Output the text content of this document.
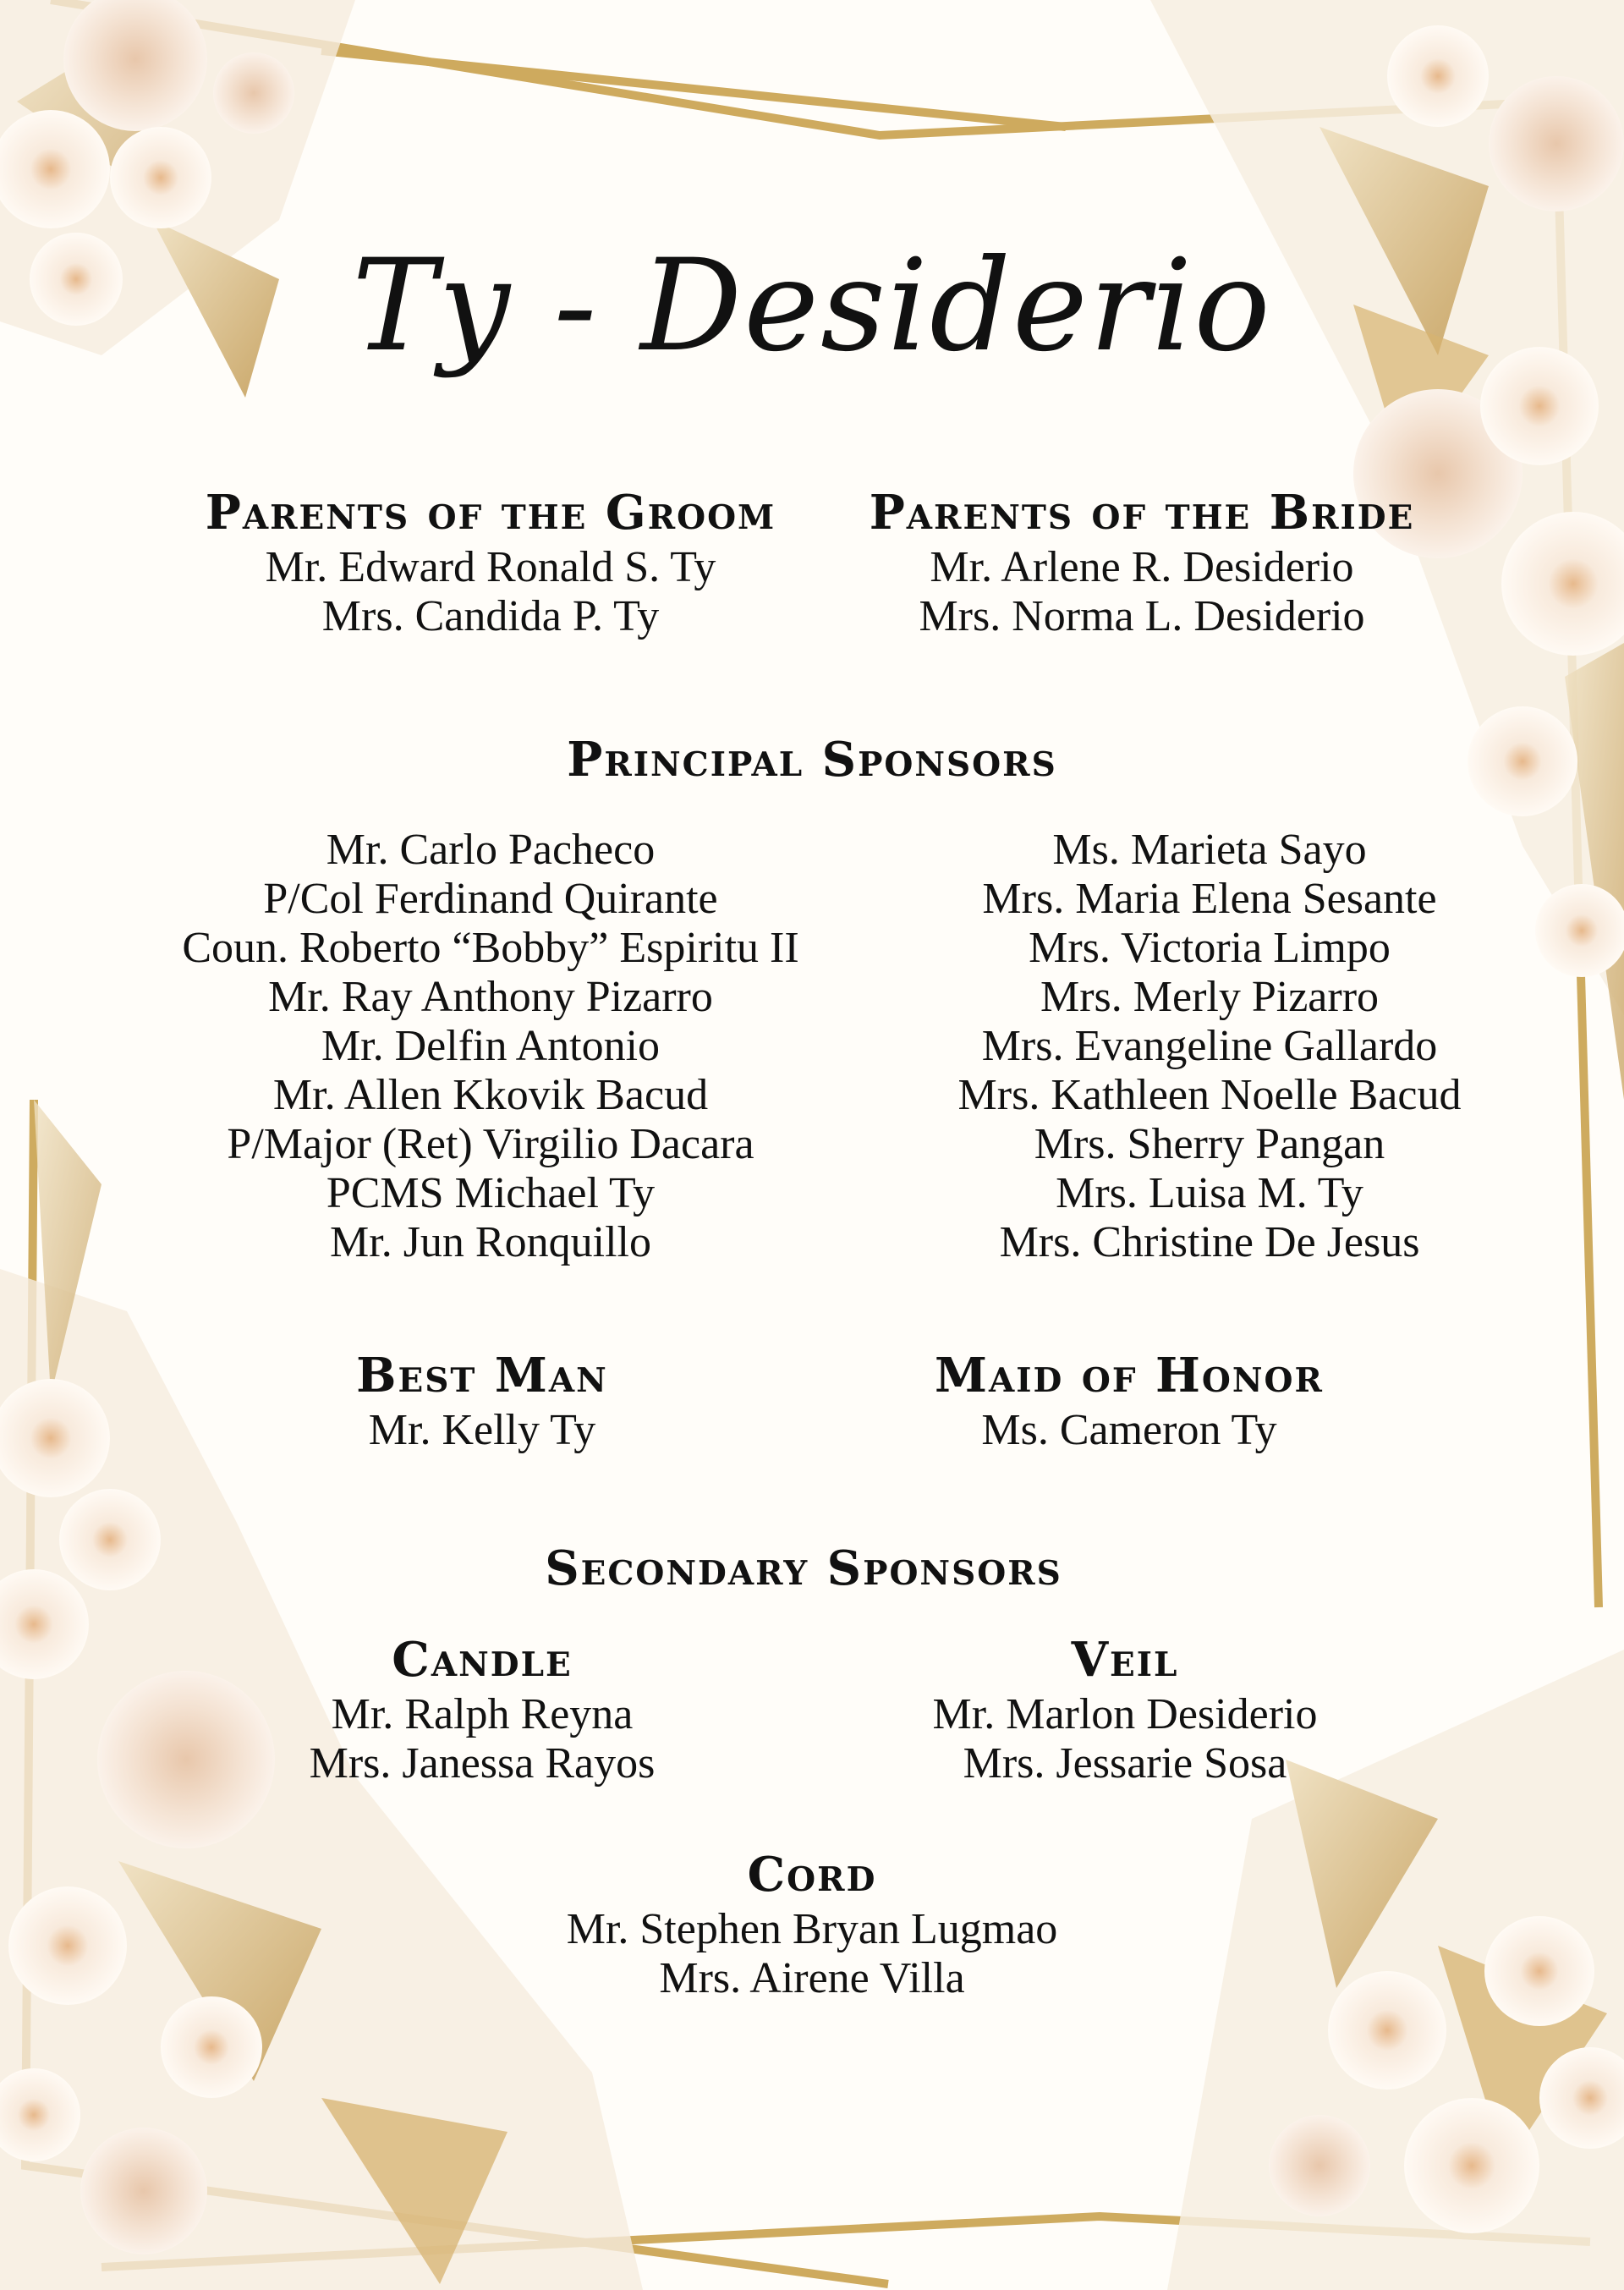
Ty - Desiderio
Parents of the Groom
Mr. Edward Ronald S. Ty
Mrs. Candida P. Ty
Parents of the Bride
Mr. Arlene R. Desiderio
Mrs. Norma L. Desiderio
Principal Sponsors
Mr. Carlo Pacheco
P/Col Ferdinand Quirante
Coun. Roberto “Bobby” Espiritu II
Mr. Ray Anthony Pizarro
Mr. Delfin Antonio
Mr. Allen Kkovik Bacud
P/Major (Ret) Virgilio Dacara
PCMS Michael Ty
Mr. Jun Ronquillo
Ms. Marieta Sayo
Mrs. Maria Elena Sesante
Mrs. Victoria Limpo
Mrs. Merly Pizarro
Mrs. Evangeline Gallardo
Mrs. Kathleen Noelle Bacud
Mrs. Sherry Pangan
Mrs. Luisa M. Ty
Mrs. Christine De Jesus
Best Man
Mr. Kelly Ty
Maid of Honor
Ms. Cameron Ty
Secondary Sponsors
Candle
Mr. Ralph Reyna
Mrs. Janessa Rayos
Veil
Mr. Marlon Desiderio
Mrs. Jessarie Sosa
Cord
Mr. Stephen Bryan Lugmao
Mrs. Airene Villa
